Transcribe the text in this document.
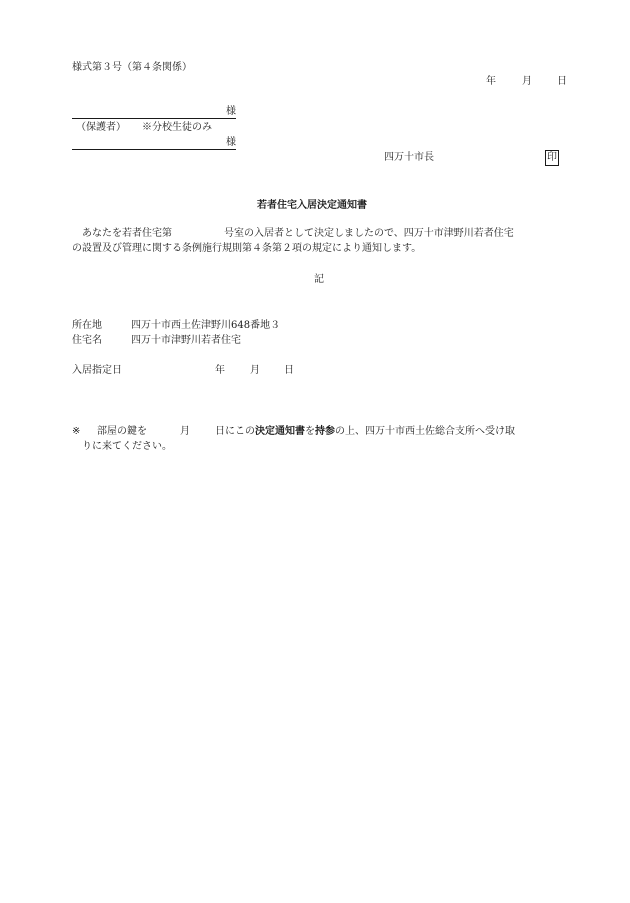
様式第３号（第４条関係）
年	月	日
様
（保護者） ※分校生徒のみ
様
四万十市長	印
若者住宅入居決定通知書
あなたを若者住宅第	号室の入居者として決定しましたので、四万十市津野川若者住宅
の設置及び管理に関する条例施行規則第４条第２項の規定により通知します。
記
所在地	四万十市西土佐津野川648番地３
住宅名	四万十市津野川若者住宅
入居指定日	年	月 日
※ 部屋の鍵を	月	日にこの決定通知書を持参の上、四万十市西土佐総合支所へ受け取
りに来てください。
